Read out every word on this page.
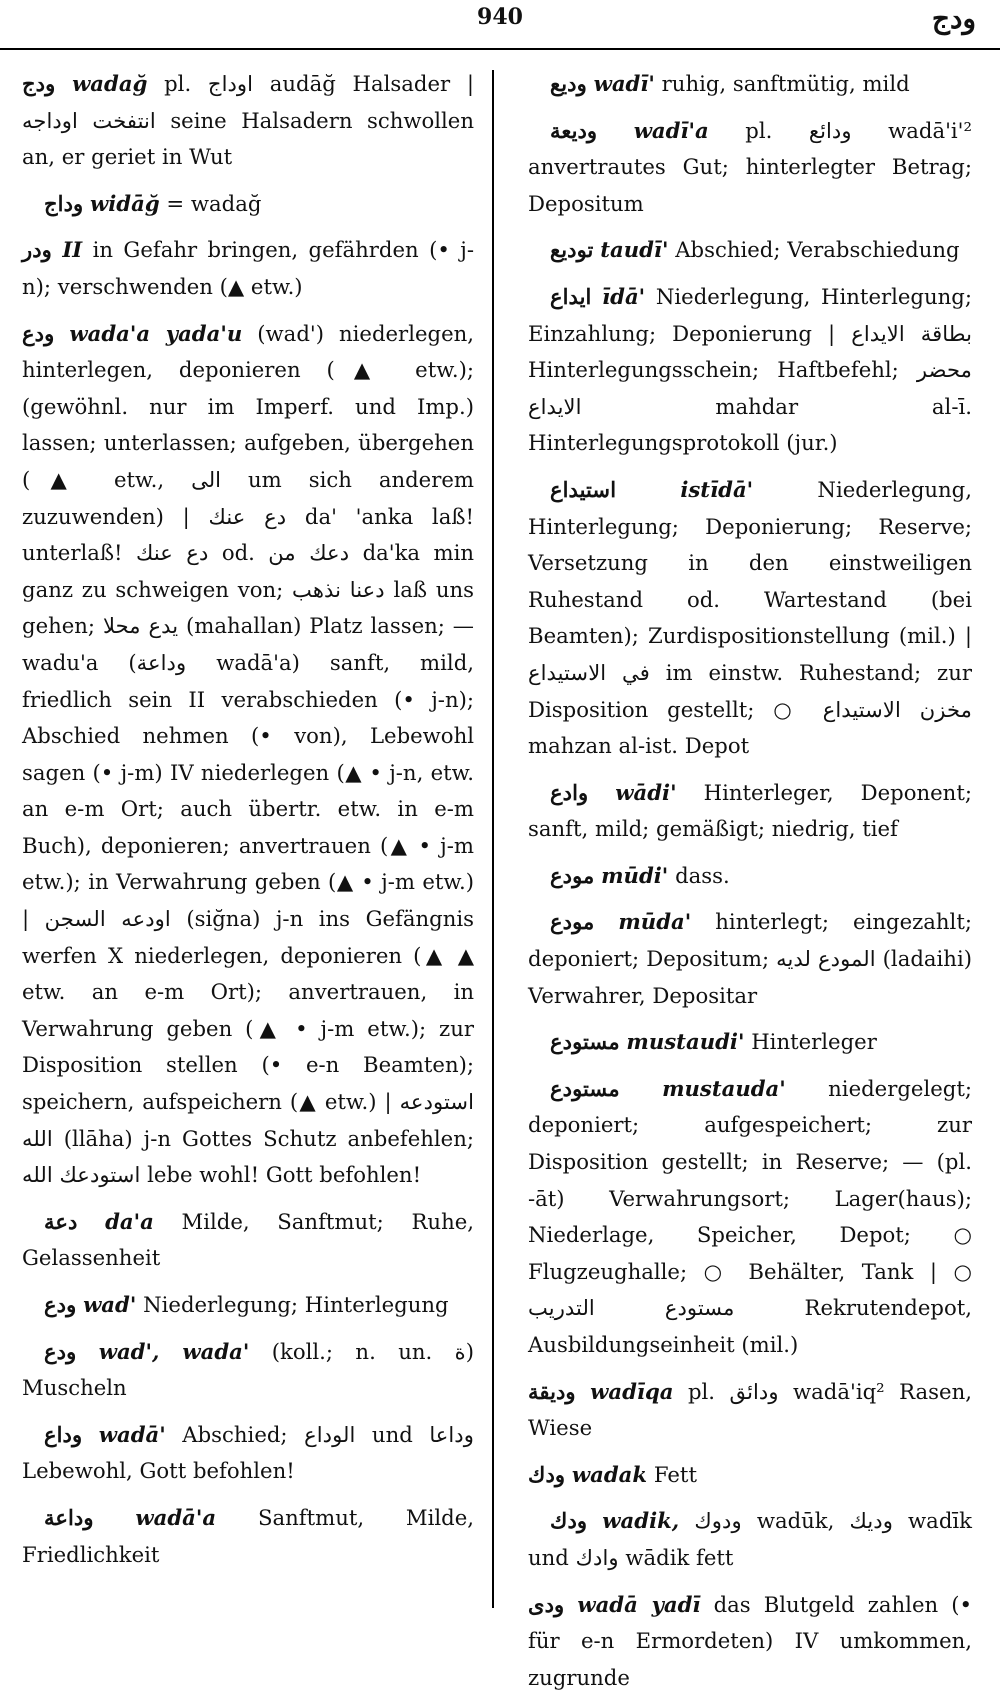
940	ودج
ودج wadağ pl. اوداج audāğ Halsader | انتفخت اوداجه seine Halsadern schwollen an, er geriet in Wut
وداج widāğ = wadağ
ودر II in Gefahr bringen, gefährden (• j-n); verschwenden (▲ etw.)
ودع wada'a yada'u (wad') niederlegen, hinterlegen, deponieren (▲ etw.); (gewöhnl. nur im Imperf. und Imp.) lassen; unterlassen; aufgeben, übergehen (▲ etw., الى um sich anderem zuzuwenden) | دع عنك da' 'anka laß! unterlaß! دع عنك od. دعك من da'ka min ganz zu schweigen von; دعنا نذهب laß uns gehen; يدع محلا (mahallan) Platz lassen; — wadu'a (وداعة wadā'a) sanft, mild, friedlich sein II verabschieden (• j-n); Abschied nehmen (• von), Lebewohl sagen (• j-m) IV niederlegen (▲ • j-n, etw. an e-m Ort; auch übertr. etw. in e-m Buch), deponieren; anvertrauen (▲ • j-m etw.); in Verwahrung geben (▲ • j-m etw.) | اودعه السجن (siğna) j-n ins Gefängnis werfen X niederlegen, deponieren (▲ ▲ etw. an e-m Ort); anvertrauen, in Verwahrung geben (▲ • j-m etw.); zur Disposition stellen (• e-n Beamten); speichern, aufspeichern (▲ etw.) | استودعه الله (llāha) j-n Gottes Schutz anbefehlen; استودعك الله lebe wohl! Gott befohlen!
دعة da'a Milde, Sanftmut; Ruhe, Gelassenheit
ودع wad' Niederlegung; Hinterlegung
ودع wad', wada' (koll.; n. un. ة) Muscheln
وداع wadā' Abschied; الوداع und وداعا Lebewohl, Gott befohlen!
وداعة wadā'a Sanftmut, Milde, Friedlichkeit
وديع wadī' ruhig, sanftmütig, mild
وديعة wadī'a pl. ودائع wadā'i'² anvertrautes Gut; hinterlegter Betrag; Depositum
توديع taudī' Abschied; Verabschiedung
ايداع īdā' Niederlegung, Hinterlegung; Einzahlung; Deponierung | بطاقة الايداع Hinterlegungsschein; Haftbefehl; محضر الايداع mahdar al-ī. Hinterlegungsprotokoll (jur.)
استيداع	istīdā'	Niederlegung, Hinterlegung; Deponierung; Reserve; Versetzung in den einstweiligen Ruhestand od. Wartestand (bei Beamten); Zurdispositionstellung (mil.) | في الاستيداع im einstw. Ruhestand; zur Disposition gestellt; ○ مخزن الاستيداع mahzan al-ist. Depot
وادع wādi' Hinterleger, Deponent; sanft, mild; gemäßigt; niedrig, tief
مودع mūdi' dass.
مودع mūda' hinterlegt; eingezahlt; deponiert; Depositum; المودع لديه (ladaihi) Verwahrer, Depositar
مستودع mustaudi' Hinterleger
مستودع mustauda' niedergelegt; deponiert; aufgespeichert; zur Disposition gestellt; in Reserve; — (pl. -āt) Verwahrungsort; Lager(haus); Niederlage, Speicher, Depot; ○ Flugzeughalle; ○ Behälter, Tank | ○ مستودع التدريب Rekrutendepot, Ausbildungseinheit (mil.)
وديقة wadīqa pl. ودائق wadā'iq² Rasen, Wiese
ودك wadak Fett
ودك wadik, ودوك wadūk, وديك wadīk und وادك wādik fett
ودى wadā yadī das Blutgeld zahlen (• für e-n Ermordeten) IV umkommen, zugrunde
